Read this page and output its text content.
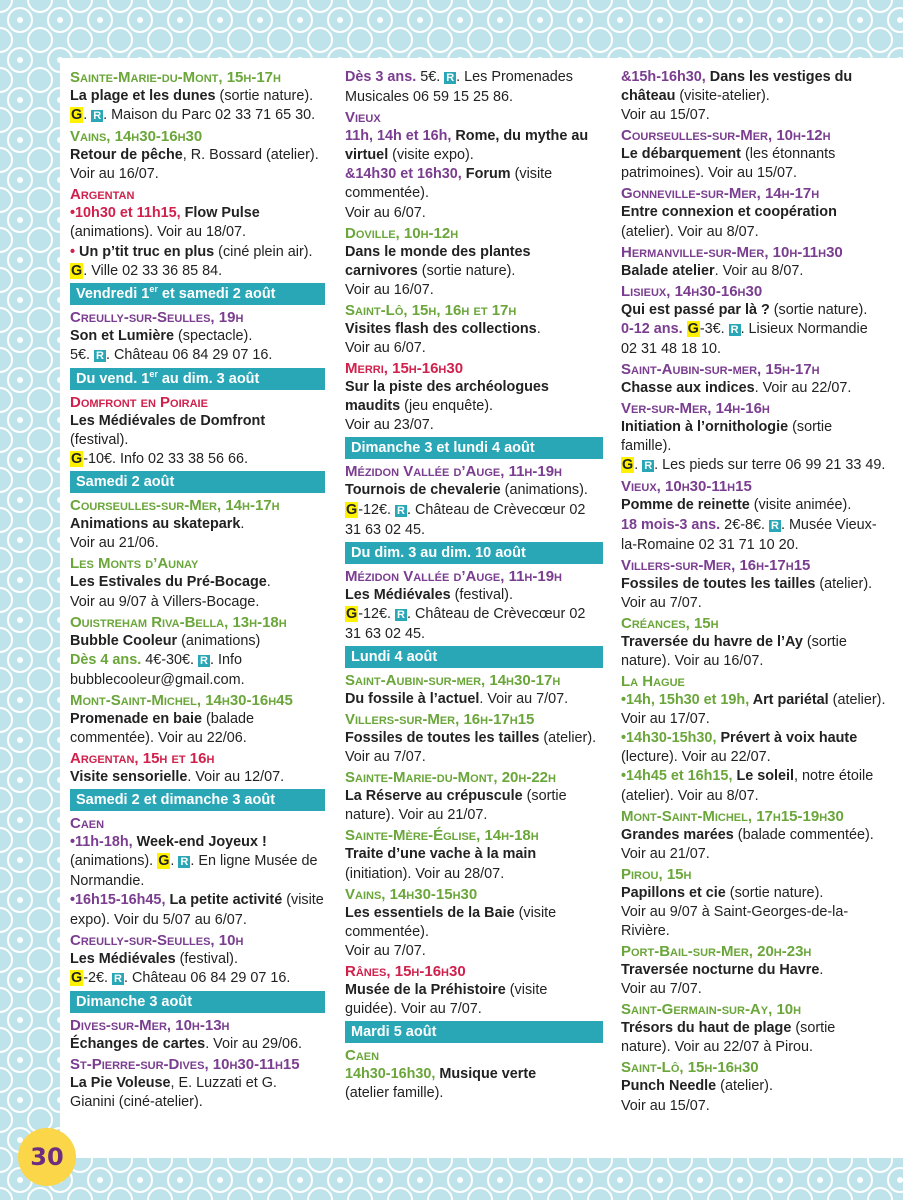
Sainte-Marie-du-Mont, 15h-17h
La plage et les dunes (sortie nature).
G. R . Maison du Parc 02 33 71 65 30.
Vains, 14h30-16h30
Retour de pêche, R. Bossard (atelier). Voir au 16/07.
Argentan
•10h30 et 11h15, Flow Pulse (animations). Voir au 18/07.
• Un p’tit truc en plus (ciné plein air). G. Ville 02 33 36 85 84.
Vendredi 1er et samedi 2 août
Creully-sur-Seulles, 19h
Son et Lumière (spectacle).
5€. R . Château 06 84 29 07 16.
Du vend. 1er au dim. 3 août
Domfront en Poiraie
Les Médiévales de Domfront (festival).
G-10€. Info 02 33 38 56 66.
Samedi 2 août
Courseulles-sur-Mer, 14h-17h
Animations au skatepark.
Voir au 21/06.
Les Monts d’Aunay
Les Estivales du Pré-Bocage.
Voir au 9/07 à Villers-Bocage.
Ouistreham Riva-Bella, 13h-18h
Bubble Cooleur (animations)
Dès 4 ans. 4€-30€. R . Info
bubblecooleur@gmail.com.
Mont-Saint-Michel, 14h30-16h45
Promenade en baie (balade commentée). Voir au 22/06.
Argentan, 15h et 16h
Visite sensorielle. Voir au 12/07.
Samedi 2 et dimanche 3 août
Caen
•11h-18h, Week-end Joyeux !
(animations). G. R . En ligne Musée de Normandie.
•16h15-16h45, La petite activité (visite expo). Voir du 5/07 au 6/07.
Creully-sur-Seulles, 10h
Les Médiévales (festival).
G-2€. R . Château 06 84 29 07 16.
Dimanche 3 août
Dives-sur-Mer, 10h-13h
Échanges de cartes. Voir au 29/06.
St-Pierre-sur-Dives, 10h30-11h15
La Pie Voleuse, E. Luzzati et G. Gianini (ciné-atelier).
Dès 3 ans. 5€. R . Les Promenades Musicales 06 59 15 25 86.
Vieux
11h, 14h et 16h, Rome, du mythe au virtuel (visite expo).
&14h30 et 16h30, Forum (visite commentée).
Voir au 6/07.
Doville, 10h-12h
Dans le monde des plantes carnivores (sortie nature).
Voir au 16/07.
Saint-Lô, 15h, 16h et 17h
Visites flash des collections.
Voir au 6/07.
Merri, 15h-16h30
Sur la piste des archéologues maudits (jeu enquête).
Voir au 23/07.
Dimanche 3 et lundi 4 août
Mézidon Vallée d’Auge, 11h-19h
Tournois de chevalerie (animations).
G-12€. R . Château de Crèvecœur 02 31 63 02 45.
Du dim. 3 au dim. 10 août
Mézidon Vallée d’Auge, 11h-19h
Les Médiévales (festival).
G-12€. R . Château de Crèvecœur 02 31 63 02 45.
Lundi 4 août
Saint-Aubin-sur-mer, 14h30-17h
Du fossile à l’actuel. Voir au 7/07.
Villers-sur-Mer, 16h-17h15
Fossiles de toutes les tailles (atelier). Voir au 7/07.
Sainte-Marie-du-Mont, 20h-22h
La Réserve au crépuscule (sortie nature). Voir au 21/07.
Sainte-Mère-Église, 14h-18h
Traite d’une vache à la main (initiation). Voir au 28/07.
Vains, 14h30-15h30
Les essentiels de la Baie (visite commentée).
Voir au 7/07.
Rânes, 15h-16h30
Musée de la Préhistoire (visite guidée). Voir au 7/07.
Mardi 5 août
Caen
14h30-16h30, Musique verte
(atelier famille).
&15h-16h30, Dans les vestiges du château (visite-atelier).
Voir au 15/07.
Courseulles-sur-Mer, 10h-12h
Le débarquement (les étonnants patrimoines). Voir au 15/07.
Gonneville-sur-Mer, 14h-17h
Entre connexion et coopération (atelier). Voir au 8/07.
Hermanville-sur-Mer, 10h-11h30
Balade atelier. Voir au 8/07.
Lisieux, 14h30-16h30
Qui est passé par là ? (sortie nature).
0-12 ans. G-3€. R . Lisieux Normandie 02 31 48 18 10.
Saint-Aubin-sur-mer, 15h-17h
Chasse aux indices. Voir au 22/07.
Ver-sur-Mer, 14h-16h
Initiation à l’ornithologie (sortie famille).
G. R . Les pieds sur terre 06 99 21 33 49.
Vieux, 10h30-11h15
Pomme de reinette (visite animée).
18 mois-3 ans. 2€-8€. R . Musée Vieux-la-Romaine 02 31 71 10 20.
Villers-sur-Mer, 16h-17h15
Fossiles de toutes les tailles (atelier). Voir au 7/07.
Créances, 15h
Traversée du havre de l’Ay (sortie nature). Voir au 16/07.
La Hague
•14h, 15h30 et 19h, Art pariétal (atelier). Voir au 17/07.
•14h30-15h30, Prévert à voix haute (lecture). Voir au 22/07.
•14h45 et 16h15, Le soleil, notre étoile (atelier). Voir au 8/07.
Mont-Saint-Michel, 17h15-19h30
Grandes marées (balade commentée). Voir au 21/07.
Pirou, 15h
Papillons et cie (sortie nature).
Voir au 9/07 à Saint-Georges-de-la-Rivière.
Port-Bail-sur-Mer, 20h-23h
Traversée nocturne du Havre.
Voir au 7/07.
Saint-Germain-sur-Ay, 10h
Trésors du haut de plage (sortie nature). Voir au 22/07 à Pirou.
Saint-Lô, 15h-16h30
Punch Needle (atelier).
Voir au 15/07.
30
